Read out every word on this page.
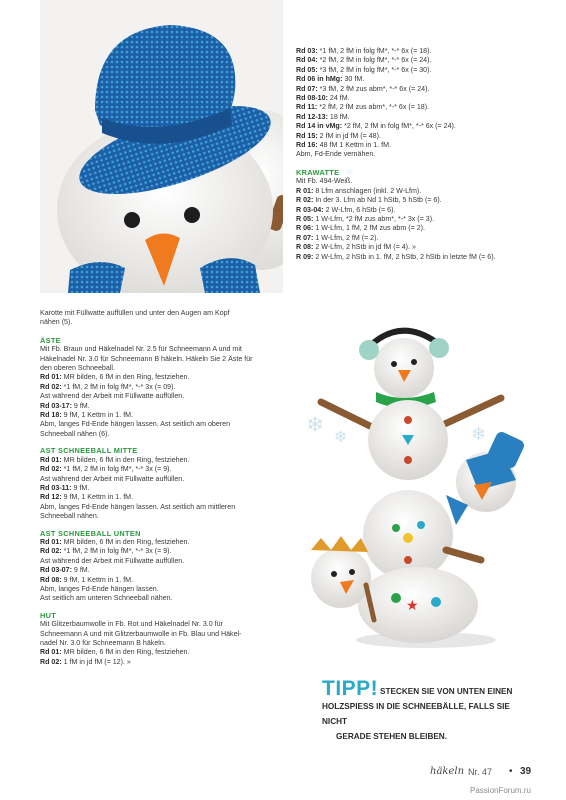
Karotte mit Füllwatte auffüllen und unter den Augen am Kopf
nähen (5).
ÄSTE
Mit Fb. Braun und Häkelnadel Nr. 2.5 für Schneemann A und mit
Häkelnadel Nr. 3.0 für Schneemann B häkeln. Häkeln Sie 2 Äste für
den oberen Schneeball.
Rd 01: MR bilden, 6 fM in den Ring, festziehen.
Rd 02: *1 fM, 2 fM in folg fM*, *-* 3x (= 09).
Ast während der Arbeit mit Füllwatte auffüllen.
Rd 03-17: 9 fM.
Rd 18: 9 fM, 1 Kettm in 1. fM.
Abm, langes Fd-Ende hängen lassen. Ast seitlich am oberen
Schneeball nähen (6).
AST SCHNEEBALL MITTE
Rd 01: MR bilden, 6 fM in den Ring, festziehen.
Rd 02: *1 fM, 2 fM in folg fM*, *-* 3x (= 9).
Ast während der Arbeit mit Füllwatte auffüllen.
Rd 03-11: 9 fM.
Rd 12: 9 fM, 1 Kettm in 1. fM.
Abm, langes Fd-Ende hängen lassen. Ast seitlich am mittleren
Schneeball nähen.
AST SCHNEEBALL UNTEN
Rd 01: MR bilden, 6 fM in den Ring, festziehen.
Rd 02: *1 fM, 2 fM in folg fM*, *-* 3x (= 9).
Ast während der Arbeit mit Füllwatte auffüllen.
Rd 03-07: 9 fM.
Rd 08: 9 fM, 1 Kettm in 1. fM.
Abm, langes Fd-Ende hängen lassen.
Ast seitlich am unteren Schneeball nähen.
HUT
Mit Glitzerbaumwolle in Fb. Rot und Häkelnadel Nr. 3.0 für
Schneemann A und mit Glitzerbaumwolle in Fb. Blau und Häkel-
nadel Nr. 3.0 für Schneemann B häkeln.
Rd 01: MR bilden, 6 fM in den Ring, festziehen.
Rd 02: 1 fM in jd fM (= 12). »
Rd 03: *1 fM, 2 fM in folg fM*, *-* 6x (= 18).
Rd 04: *2 fM, 2 fM in folg fM*, *-* 6x (= 24).
Rd 05: *3 fM, 2 fM in folg fM*, *-* 6x (= 30).
Rd 06 in hMg: 30 fM.
Rd 07: *3 fM, 2 fM zus abm*, *-* 6x (= 24).
Rd 08-10: 24 fM.
Rd 11: *2 fM, 2 fM zus abm*, *-* 6x (= 18).
Rd 12-13: 18 fM.
Rd 14 in vMg: *2 fM, 2 fM in folg fM*, *-* 6x (= 24).
Rd 15: 2 fM in jd fM (= 48).
Rd 16: 48 fM 1 Kettm in 1. fM.
Abm, Fd-Ende vernähen.
KRAWATTE
Mit Fb. 494-Weiß.
R 01: 8 Lfm anschlagen (inkl. 2 W-Lfm).
R 02: In der 3. Lfm ab Nd 1 hStb, 5 hStb (= 6).
R 03-04: 2 W-Lfm, 6 hStb (= 6).
R 05: 1 W-Lfm, *2 fM zus abm*, *-* 3x (= 3).
R 06: 1 W-Lfm, 1 fM, 2 fM zus abm (= 2).
R 07: 1 W-Lfm, 2 fM (= 2).
R 08: 2 W-Lfm, 2 hStb in jd fM (= 4). »
R 09: 2 W-Lfm, 2 hStb in 1. fM, 2 hStb, 2 hStb in letzte fM (= 6).
❄ ❄	❄
★
TIPP! STECKEN SIE VON UNTEN EINEN
HOLZSPIESS IN DIE SCHNEEBÄLLE, FALLS SIE NICHT
GERADE STEHEN BLEIBEN.
häkeln Nr. 47 • 39
PassionForum.ru
